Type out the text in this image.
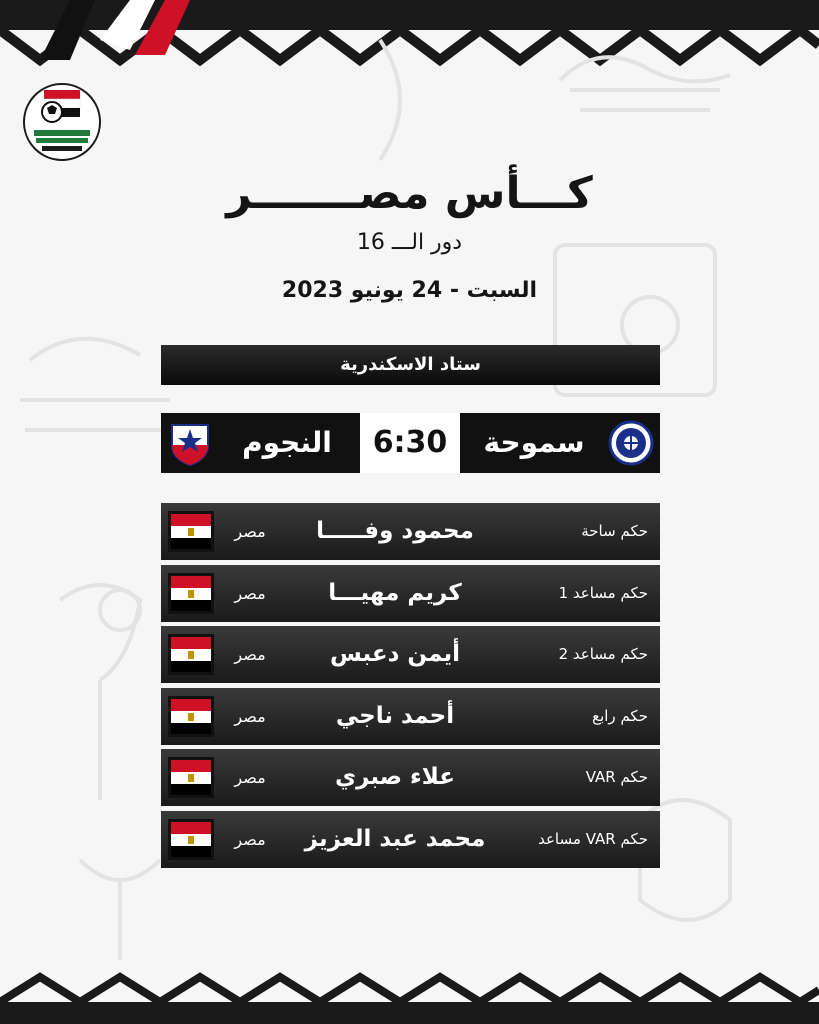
كـــأس مصـــــــر
دور الـــ 16
السبت - 24 يونيو 2023
ستاد الاسكندرية
سموحة
6:30
النجوم
مصر	محمود وفـــــا	حكم ساحة
مصر	كريم مهيـــا	حكم مساعد 1
مصر	أيمن دعبس	حكم مساعد 2
مصر	أحمد ناجي	حكم رابع
مصر	علاء صبري	حكم VAR
مصر	محمد عبد العزيز	حكم VAR مساعد
